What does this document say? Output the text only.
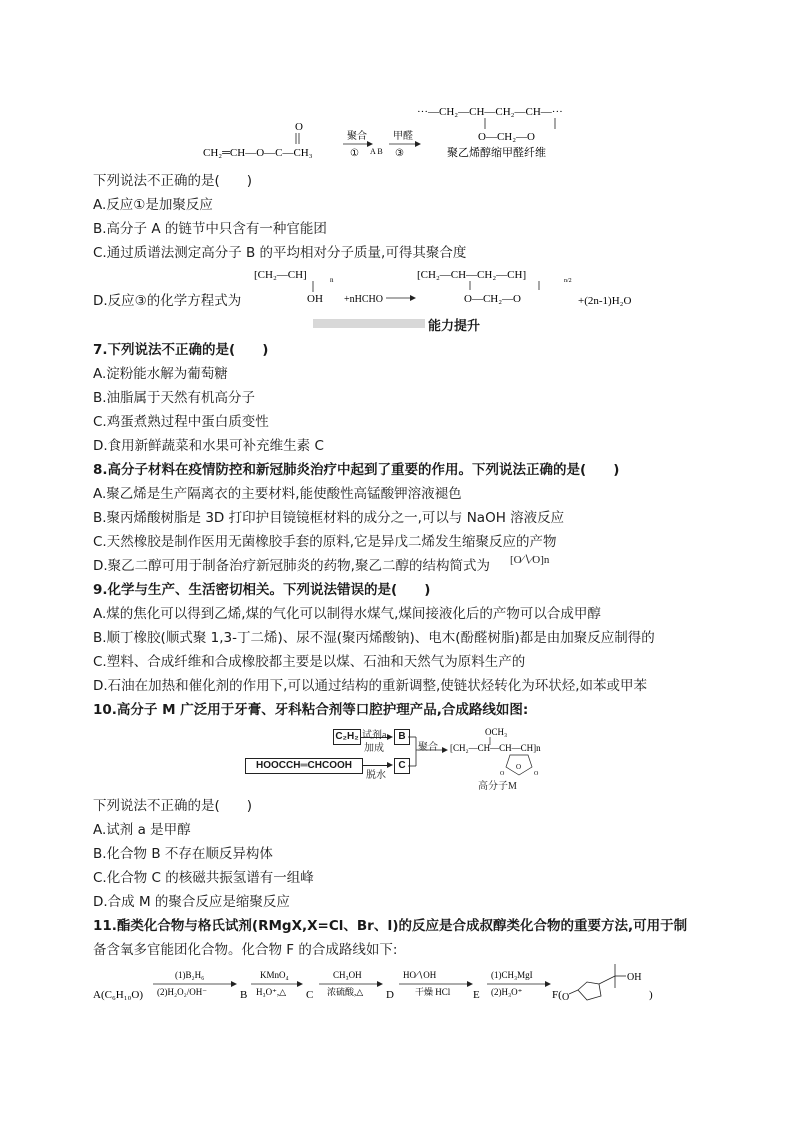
O
CH₂═CH—O—C—CH₃
聚合
① A B
甲醛
③
···—CH₂—CH—CH₂—CH—···
O—CH₂—O
聚乙烯醇缩甲醛纤维
下列说法不正确的是(　　)
A.反应①是加聚反应
B.高分子 A 的链节中只含有一种官能团
C.通过质谱法测定高分子 B 的平均相对分子质量,可得其聚合度
D.反应③的化学方程式为
[CH₂—CH]	n
OH +nHCHO
[CH₂—CH—CH₂—CH]	n/2
O—CH₂—O	+(2n-1)H₂O
能力提升
7.下列说法不正确的是(　　)
A.淀粉能水解为葡萄糖
B.油脂属于天然有机高分子
C.鸡蛋煮熟过程中蛋白质变性
D.食用新鲜蔬菜和水果可补充维生素 C
8.高分子材料在疫情防控和新冠肺炎治疗中起到了重要的作用。下列说法正确的是(　　)
A.聚乙烯是生产隔离衣的主要材料,能使酸性高锰酸钾溶液褪色
B.聚丙烯酸树脂是 3D 打印护目镜镜框材料的成分之一,可以与 NaOH 溶液反应
C.天然橡胶是制作医用无菌橡胶手套的原料,它是异戊二烯发生缩聚反应的产物
D.聚乙二醇可用于制备治疗新冠肺炎的药物,聚乙二醇的结构简式为 [O∕∖∕O]n
9.化学与生产、生活密切相关。下列说法错误的是(　　)
A.煤的焦化可以得到乙烯,煤的气化可以制得水煤气,煤间接液化后的产物可以合成甲醇
B.顺丁橡胶(顺式聚 1,3-丁二烯)、尿不湿(聚丙烯酸钠)、电木(酚醛树脂)都是由加聚反应制得的
C.塑料、合成纤维和合成橡胶都主要是以煤、石油和天然气为原料生产的
D.石油在加热和催化剂的作用下,可以通过结构的重新调整,使链状烃转化为环状烃,如苯或甲苯
10.高分子 M 广泛用于牙膏、牙科粘合剂等口腔护理产品,合成路线如图:
C₂H₂ 试剂a
加成
B
HOOCCH═CHCOOH
脱水
C
聚合
OCH₃
[CH₂—CH—CH—CH]n
O
O	O
高分子M
下列说法不正确的是(　　)
A.试剂 a 是甲醇
B.化合物 B 不存在顺反异构体
C.化合物 C 的核磁共振氢谱有一组峰
D.合成 M 的聚合反应是缩聚反应
11.酯类化合物与格氏试剂(RMgX,X=Cl、Br、I)的反应是合成叔醇类化合物的重要方法,可用于制
备含氧多官能团化合物。化合物 F 的合成路线如下:
A(C₆H₁₀O)
(1)B₂H₆
(2)H₂O₂/OH⁻	B
KMnO₄
H₃O⁺,△ C
CH₃OH
浓硫酸,△ D
HO∕∖OH
干燥 HCl E
(1)CH₃MgI
(2)H₃O⁺	F( O
OH
)
